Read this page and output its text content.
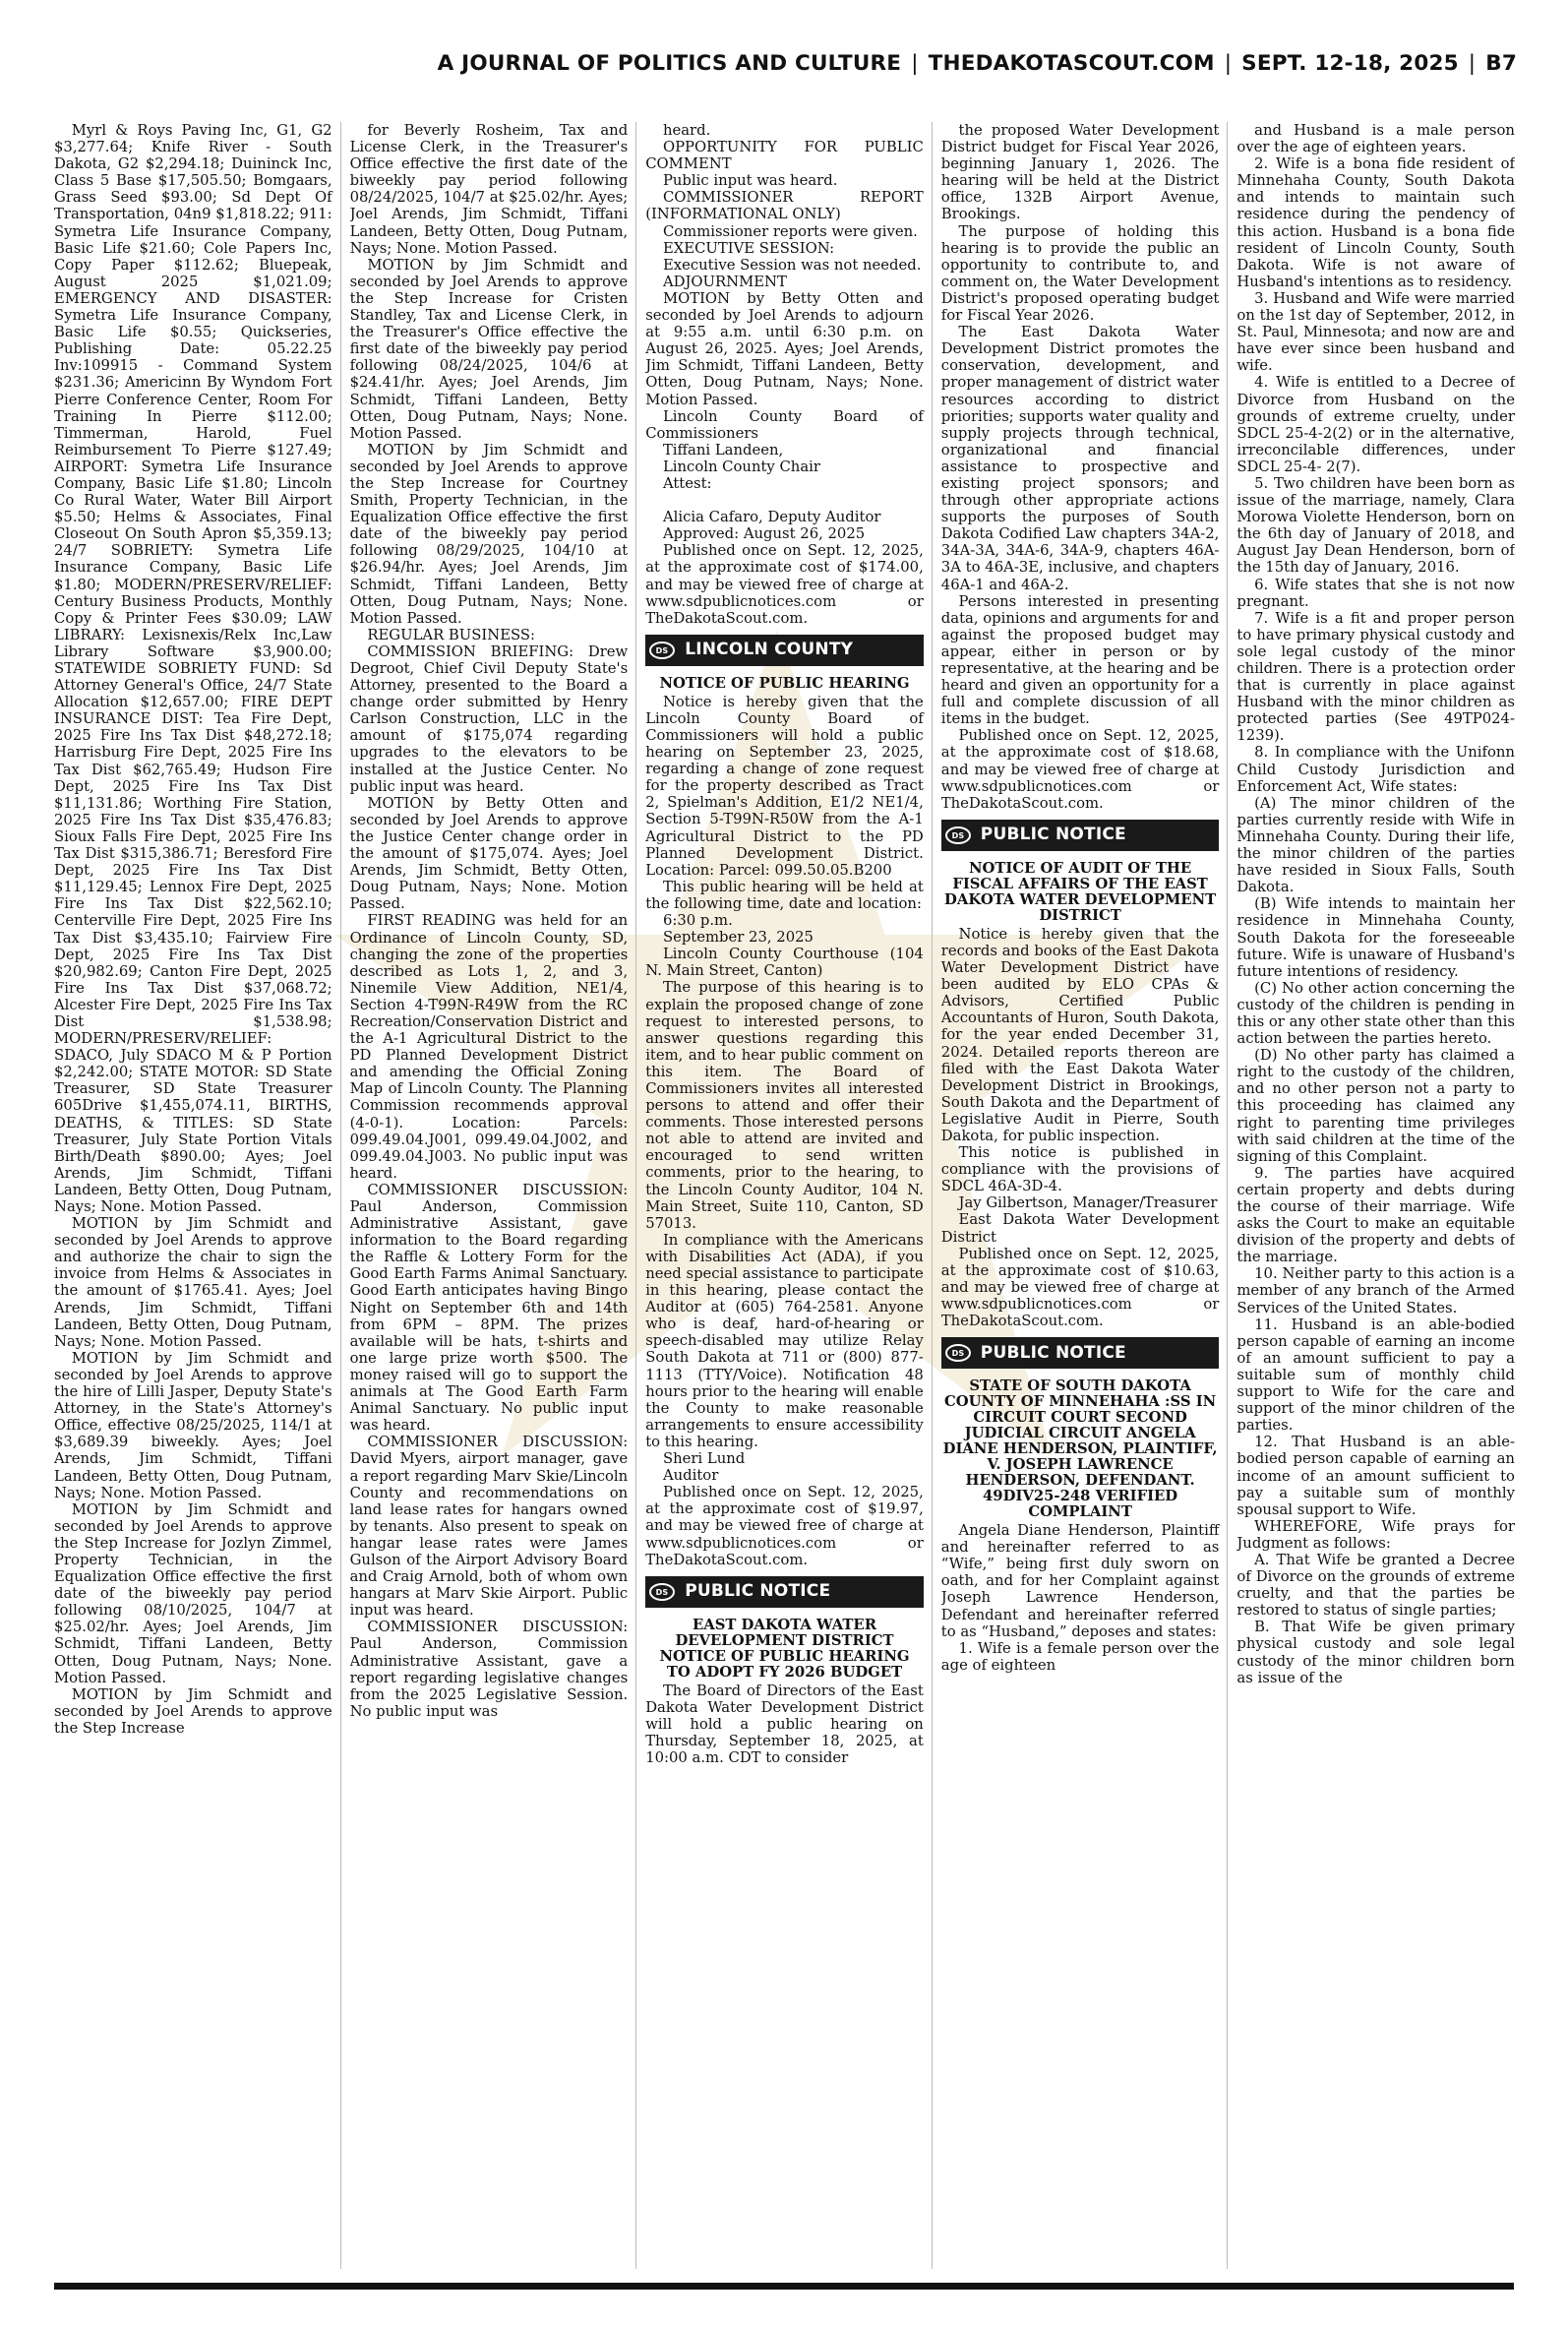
A JOURNAL OF POLITICS AND CULTURE | THEDAKOTASCOUT.COM | SEPT. 12-18, 2025 | B7

Myrl & Roys Paving Inc, G1, G2 $3,277.64; Knife River - South Dakota, G2 $2,294.18; Duininck Inc, Class 5 Base $17,505.50; Bomgaars, Grass Seed $93.00; Sd Dept Of Transportation, 04n9 $1,818.22; 911: Symetra Life Insurance Company, Basic Life $21.60; Cole Papers Inc, Copy Paper $112.62; Bluepeak, August 2025 $1,021.09; EMERGENCY AND DISASTER: Symetra Life Insurance Company, Basic Life $0.55; Quickseries, Publishing Date: 05.22.25 Inv:109915 - Command System $231.36; Americinn By Wyndom Fort Pierre Conference Center, Room For Training In Pierre $112.00; Timmerman, Harold, Fuel Reimbursement To Pierre $127.49; AIRPORT: Symetra Life Insurance Company, Basic Life $1.80; Lincoln Co Rural Water, Water Bill Airport $5.50; Helms & Associates, Final Closeout On South Apron $5,359.13; 24/7 SOBRIETY: Symetra Life Insurance Company, Basic Life $1.80; MODERN/PRESERV/RELIEF: Century Business Products, Monthly Copy & Printer Fees $30.09; LAW LIBRARY: Lexisnexis/Relx Inc,Law Library Software $3,900.00; STATEWIDE SOBRIETY FUND: Sd Attorney General's Office, 24/7 State Allocation $12,657.00; FIRE DEPT INSURANCE DIST: Tea Fire Dept, 2025 Fire Ins Tax Dist $48,272.18; Harrisburg Fire Dept, 2025 Fire Ins Tax Dist $62,765.49; Hudson Fire Dept, 2025 Fire Ins Tax Dist $11,131.86; Worthing Fire Station, 2025 Fire Ins Tax Dist $35,476.83; Sioux Falls Fire Dept, 2025 Fire Ins Tax Dist $315,386.71; Beresford Fire Dept, 2025 Fire Ins Tax Dist $11,129.45; Lennox Fire Dept, 2025 Fire Ins Tax Dist $22,562.10; Centerville Fire Dept, 2025 Fire Ins Tax Dist $3,435.10; Fairview Fire Dept, 2025 Fire Ins Tax Dist $20,982.69; Canton Fire Dept, 2025 Fire Ins Tax Dist $37,068.72; Alcester Fire Dept, 2025 Fire Ins Tax Dist $1,538.98; MODERN/PRESERV/RELIEF: SDACO, July SDACO M & P Portion $2,242.00; STATE MOTOR: SD State Treasurer, SD State Treasurer 605Drive $1,455,074.11, BIRTHS, DEATHS, & TITLES: SD State Treasurer, July State Portion Vitals Birth/Death $890.00; Ayes; Joel Arends, Jim Schmidt, Tiffani Landeen, Betty Otten, Doug Putnam, Nays; None. Motion Passed.

MOTION by Jim Schmidt and seconded by Joel Arends to approve and authorize the chair to sign the invoice from Helms & Associates in the amount of $1765.41. Ayes; Joel Arends, Jim Schmidt, Tiffani Landeen, Betty Otten, Doug Putnam, Nays; None. Motion Passed.

MOTION by Jim Schmidt and seconded by Joel Arends to approve the hire of Lilli Jasper, Deputy State's Attorney, in the State's Attorney's Office, effective 08/25/2025, 114/1 at $3,689.39 biweekly. Ayes; Joel Arends, Jim Schmidt, Tiffani Landeen, Betty Otten, Doug Putnam, Nays; None. Motion Passed.

MOTION by Jim Schmidt and seconded by Joel Arends to approve the Step Increase for Jozlyn Zimmel, Property Technician, in the Equalization Office effective the first date of the biweekly pay period following 08/10/2025, 104/7 at $25.02/hr. Ayes; Joel Arends, Jim Schmidt, Tiffani Landeen, Betty Otten, Doug Putnam, Nays; None. Motion Passed.

MOTION by Jim Schmidt and seconded by Joel Arends to approve the Step Increase

for Beverly Rosheim, Tax and License Clerk, in the Treasurer's Office effective the first date of the biweekly pay period following 08/24/2025, 104/7 at $25.02/hr. Ayes; Joel Arends, Jim Schmidt, Tiffani Landeen, Betty Otten, Doug Putnam, Nays; None. Motion Passed.

MOTION by Jim Schmidt and seconded by Joel Arends to approve the Step Increase for Cristen Standley, Tax and License Clerk, in the Treasurer's Office effective the first date of the biweekly pay period following 08/24/2025, 104/6 at $24.41/hr. Ayes; Joel Arends, Jim Schmidt, Tiffani Landeen, Betty Otten, Doug Putnam, Nays; None. Motion Passed.

MOTION by Jim Schmidt and seconded by Joel Arends to approve the Step Increase for Courtney Smith, Property Technician, in the Equalization Office effective the first date of the biweekly pay period following 08/29/2025, 104/10 at $26.94/hr. Ayes; Joel Arends, Jim Schmidt, Tiffani Landeen, Betty Otten, Doug Putnam, Nays; None. Motion Passed.

REGULAR BUSINESS:

COMMISSION BRIEFING: Drew Degroot, Chief Civil Deputy State's Attorney, presented to the Board a change order submitted by Henry Carlson Construction, LLC in the amount of $175,074 regarding upgrades to the elevators to be installed at the Justice Center. No public input was heard.

MOTION by Betty Otten and seconded by Joel Arends to approve the Justice Center change order in the amount of $175,074. Ayes; Joel Arends, Jim Schmidt, Betty Otten, Doug Putnam, Nays; None. Motion Passed.

FIRST READING was held for an Ordinance of Lincoln County, SD, changing the zone of the properties described as Lots 1, 2, and 3, Ninemile View Addition, NE1/4, Section 4-T99N-R49W from the RC Recreation/Conservation District and the A-1 Agricultural District to the PD Planned Development District and amending the Official Zoning Map of Lincoln County. The Planning Commission recommends approval (4-0-1). Location: Parcels: 099.49.04.J001, 099.49.04.J002, and 099.49.04.J003. No public input was heard.

COMMISSIONER DISCUSSION: Paul Anderson, Commission Administrative Assistant, gave information to the Board regarding the Raffle & Lottery Form for the Good Earth Farms Animal Sanctuary. Good Earth anticipates having Bingo Night on September 6th and 14th from 6PM – 8PM. The prizes available will be hats, t-shirts and one large prize worth $500. The money raised will go to support the animals at The Good Earth Farm Animal Sanctuary. No public input was heard.

COMMISSIONER DISCUSSION: David Myers, airport manager, gave a report regarding Marv Skie/Lincoln County and recommendations on land lease rates for hangars owned by tenants. Also present to speak on hangar lease rates were James Gulson of the Airport Advisory Board and Craig Arnold, both of whom own hangars at Marv Skie Airport. Public input was heard.

COMMISSIONER DISCUSSION: Paul Anderson, Commission Administrative Assistant, gave a report regarding legislative changes from the 2025 Legislative Session. No public input was

heard.

OPPORTUNITY FOR PUBLIC COMMENT

Public input was heard.

COMMISSIONER REPORT (INFORMATIONAL ONLY)

Commissioner reports were given.

EXECUTIVE SESSION:

Executive Session was not needed.

ADJOURNMENT

MOTION by Betty Otten and seconded by Joel Arends to adjourn at 9:55 a.m. until 6:30 p.m. on August 26, 2025. Ayes; Joel Arends, Jim Schmidt, Tiffani Landeen, Betty Otten, Doug Putnam, Nays; None. Motion Passed.

Lincoln County Board of Commissioners

Tiffani Landeen,

Lincoln County Chair

Attest:

Alicia Cafaro, Deputy Auditor

Approved: August 26, 2025

Published once on Sept. 12, 2025, at the approximate cost of $174.00, and may be viewed free of charge at www.sdpublicnotices.com or TheDakotaScout.com.

DS LINCOLN COUNTY
NOTICE OF PUBLIC HEARING

Notice is hereby given that the Lincoln County Board of Commissioners will hold a public hearing on September 23, 2025, regarding a change of zone request for the property described as Tract 2, Spielman's Addition, E1/2 NE1/4, Section 5-T99N-R50W from the A-1 Agricultural District to the PD Planned Development District. Location: Parcel: 099.50.05.B200

This public hearing will be held at the following time, date and location:

6:30 p.m.

September 23, 2025

Lincoln County Courthouse (104 N. Main Street, Canton)

The purpose of this hearing is to explain the proposed change of zone request to interested persons, to answer questions regarding this item, and to hear public comment on this item. The Board of Commissioners invites all interested persons to attend and offer their comments. Those interested persons not able to attend are invited and encouraged to send written comments, prior to the hearing, to the Lincoln County Auditor, 104 N. Main Street, Suite 110, Canton, SD 57013.

In compliance with the Americans with Disabilities Act (ADA), if you need special assistance to participate in this hearing, please contact the Auditor at (605) 764-2581. Anyone who is deaf, hard-of-hearing or speech-disabled may utilize Relay South Dakota at 711 or (800) 877-1113 (TTY/Voice). Notification 48 hours prior to the hearing will enable the County to make reasonable arrangements to ensure accessibility to this hearing.

Sheri Lund

Auditor

Published once on Sept. 12, 2025, at the approximate cost of $19.97, and may be viewed free of charge at www.sdpublicnotices.com or TheDakotaScout.com.

DS PUBLIC NOTICE
EAST DAKOTA WATER DEVELOPMENT DISTRICT NOTICE OF PUBLIC HEARING TO ADOPT FY 2026 BUDGET

The Board of Directors of the East Dakota Water Development District will hold a public hearing on Thursday, September 18, 2025, at 10:00 a.m. CDT to consider

the proposed Water Development District budget for Fiscal Year 2026, beginning January 1, 2026. The hearing will be held at the District office, 132B Airport Avenue, Brookings.

The purpose of holding this hearing is to provide the public an opportunity to contribute to, and comment on, the Water Development District's proposed operating budget for Fiscal Year 2026.

The East Dakota Water Development District promotes the conservation, development, and proper management of district water resources according to district priorities; supports water quality and supply projects through technical, organizational and financial assistance to prospective and existing project sponsors; and through other appropriate actions supports the purposes of South Dakota Codified Law chapters 34A-2, 34A-3A, 34A-6, 34A-9, chapters 46A-3A to 46A-3E, inclusive, and chapters 46A-1 and 46A-2.

Persons interested in presenting data, opinions and arguments for and against the proposed budget may appear, either in person or by representative, at the hearing and be heard and given an opportunity for a full and complete discussion of all items in the budget.

Published once on Sept. 12, 2025, at the approximate cost of $18.68, and may be viewed free of charge at www.sdpublicnotices.com or TheDakotaScout.com.

DS PUBLIC NOTICE
NOTICE OF AUDIT OF THE FISCAL AFFAIRS OF THE EAST DAKOTA WATER DEVELOPMENT DISTRICT

Notice is hereby given that the records and books of the East Dakota Water Development District have been audited by ELO CPAs & Advisors, Certified Public Accountants of Huron, South Dakota, for the year ended December 31, 2024. Detailed reports thereon are filed with the East Dakota Water Development District in Brookings, South Dakota and the Department of Legislative Audit in Pierre, South Dakota, for public inspection.

This notice is published in compliance with the provisions of SDCL 46A-3D-4.

Jay Gilbertson, Manager/Treasurer

East Dakota Water Development District

Published once on Sept. 12, 2025, at the approximate cost of $10.63, and may be viewed free of charge at www.sdpublicnotices.com or TheDakotaScout.com.

DS PUBLIC NOTICE
STATE OF SOUTH DAKOTA COUNTY OF MINNEHAHA :SS IN CIRCUIT COURT SECOND JUDICIAL CIRCUIT ANGELA DIANE HENDERSON, PLAINTIFF, V. JOSEPH LAWRENCE HENDERSON, DEFENDANT. 49DIV25-248 VERIFIED COMPLAINT

Angela Diane Henderson, Plaintiff and hereinafter referred to as “Wife,” being first duly sworn on oath, and for her Complaint against Joseph Lawrence Henderson, Defendant and hereinafter referred to as “Husband,” deposes and states:

1. Wife is a female person over the age of eighteen

and Husband is a male person over the age of eighteen years.

2. Wife is a bona fide resident of Minnehaha County, South Dakota and intends to maintain such residence during the pendency of this action. Husband is a bona fide resident of Lincoln County, South Dakota. Wife is not aware of Husband's intentions as to residency.

3. Husband and Wife were married on the 1st day of September, 2012, in St. Paul, Minnesota; and now are and have ever since been husband and wife.

4. Wife is entitled to a Decree of Divorce from Husband on the grounds of extreme cruelty, under SDCL 25-4-2(2) or in the alternative, irreconcilable differences, under SDCL 25-4- 2(7).

5. Two children have been born as issue of the marriage, namely, Clara Morowa Violette Henderson, born on the 6th day of January of 2018, and August Jay Dean Henderson, born of the 15th day of January, 2016.

6. Wife states that she is not now pregnant.

7. Wife is a fit and proper person to have primary physical custody and sole legal custody of the minor children. There is a protection order that is currently in place against Husband with the minor children as protected parties (See 49TP024-1239).

8. In compliance with the Unifonn Child Custody Jurisdiction and Enforcement Act, Wife states:

(A) The minor children of the parties currently reside with Wife in Minnehaha County. During their life, the minor children of the parties have resided in Sioux Falls, South Dakota.

(B) Wife intends to maintain her residence in Minnehaha County, South Dakota for the foreseeable future. Wife is unaware of Husband's future intentions of residency.

(C) No other action concerning the custody of the children is pending in this or any other state other than this action between the parties hereto.

(D) No other party has claimed a right to the custody of the children, and no other person not a party to this proceeding has claimed any right to parenting time privileges with said children at the time of the signing of this Complaint.

9. The parties have acquired certain property and debts during the course of their marriage. Wife asks the Court to make an equitable division of the property and debts of the marriage.

10. Neither party to this action is a member of any branch of the Armed Services of the United States.

11. Husband is an able-bodied person capable of earning an income of an amount sufficient to pay a suitable sum of monthly child support to Wife for the care and support of the minor children of the parties.

12. That Husband is an able-bodied person capable of earning an income of an amount sufficient to pay a suitable sum of monthly spousal support to Wife.

WHEREFORE, Wife prays for Judgment as follows:

A. That Wife be granted a Decree of Divorce on the grounds of extreme cruelty, and that the parties be restored to status of single parties;

B. That Wife be given primary physical custody and sole legal custody of the minor children born as issue of the
